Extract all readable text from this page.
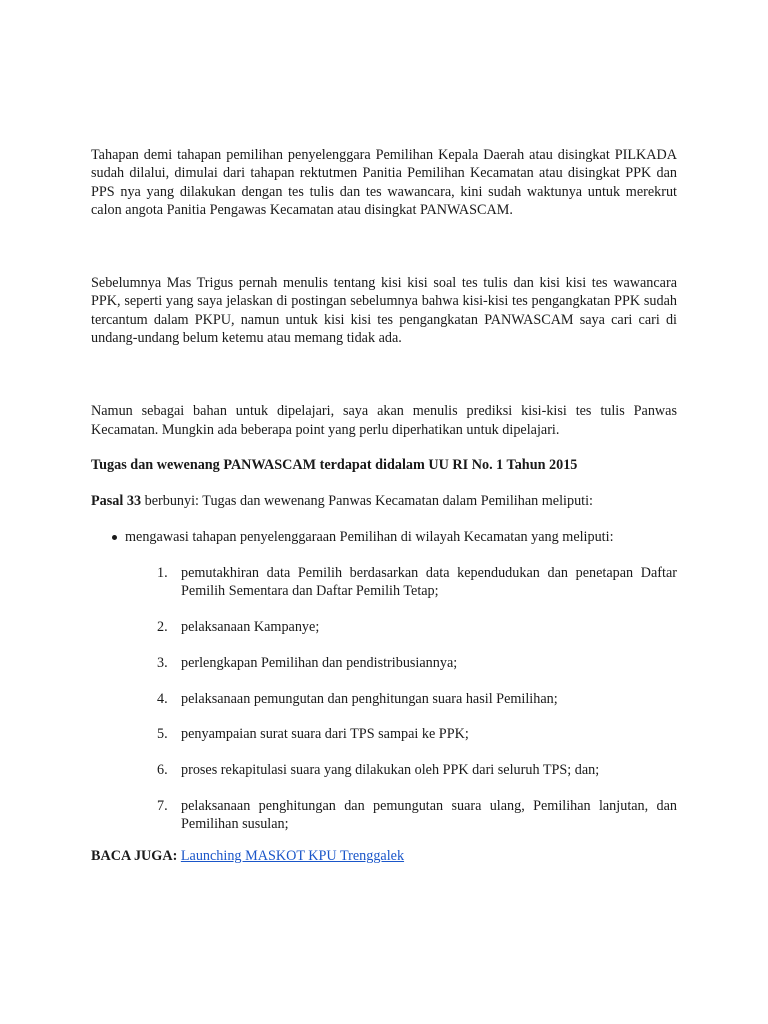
Tahapan demi tahapan pemilihan penyelenggara Pemilihan Kepala Daerah atau disingkat PILKADA sudah dilalui, dimulai dari tahapan rektutmen Panitia Pemilihan Kecamatan atau disingkat PPK dan PPS nya yang dilakukan dengan tes tulis dan tes wawancara, kini sudah waktunya untuk merekrut calon angota Panitia Pengawas Kecamatan atau disingkat PANWASCAM.

Sebelumnya Mas Trigus pernah menulis tentang kisi kisi soal tes tulis dan kisi kisi tes wawancara PPK, seperti yang saya jelaskan di postingan sebelumnya bahwa kisi-kisi tes pengangkatan PPK sudah tercantum dalam PKPU, namun untuk kisi kisi tes pengangkatan PANWASCAM saya cari cari di undang-undang belum ketemu atau memang tidak ada.

Namun sebagai bahan untuk dipelajari, saya akan menulis prediksi kisi-kisi tes tulis Panwas Kecamatan. Mungkin ada beberapa point yang perlu diperhatikan untuk dipelajari.

Tugas dan wewenang PANWASCAM terdapat didalam UU RI No. 1 Tahun 2015

Pasal 33 berbunyi: Tugas dan wewenang Panwas Kecamatan dalam Pemilihan meliputi:

mengawasi tahapan penyelenggaraan Pemilihan di wilayah Kecamatan yang meliputi:
1. pemutakhiran data Pemilih berdasarkan data kependudukan dan penetapan Daftar Pemilih Sementara dan Daftar Pemilih Tetap;
2. pelaksanaan Kampanye;
3. perlengkapan Pemilihan dan pendistribusiannya;
4. pelaksanaan pemungutan dan penghitungan suara hasil Pemilihan;
5. penyampaian surat suara dari TPS sampai ke PPK;
6. proses rekapitulasi suara yang dilakukan oleh PPK dari seluruh TPS; dan;
7. pelaksanaan penghitungan dan pemungutan suara ulang, Pemilihan lanjutan, dan Pemilihan susulan;

BACA JUGA: Launching MASKOT KPU Trenggalek
